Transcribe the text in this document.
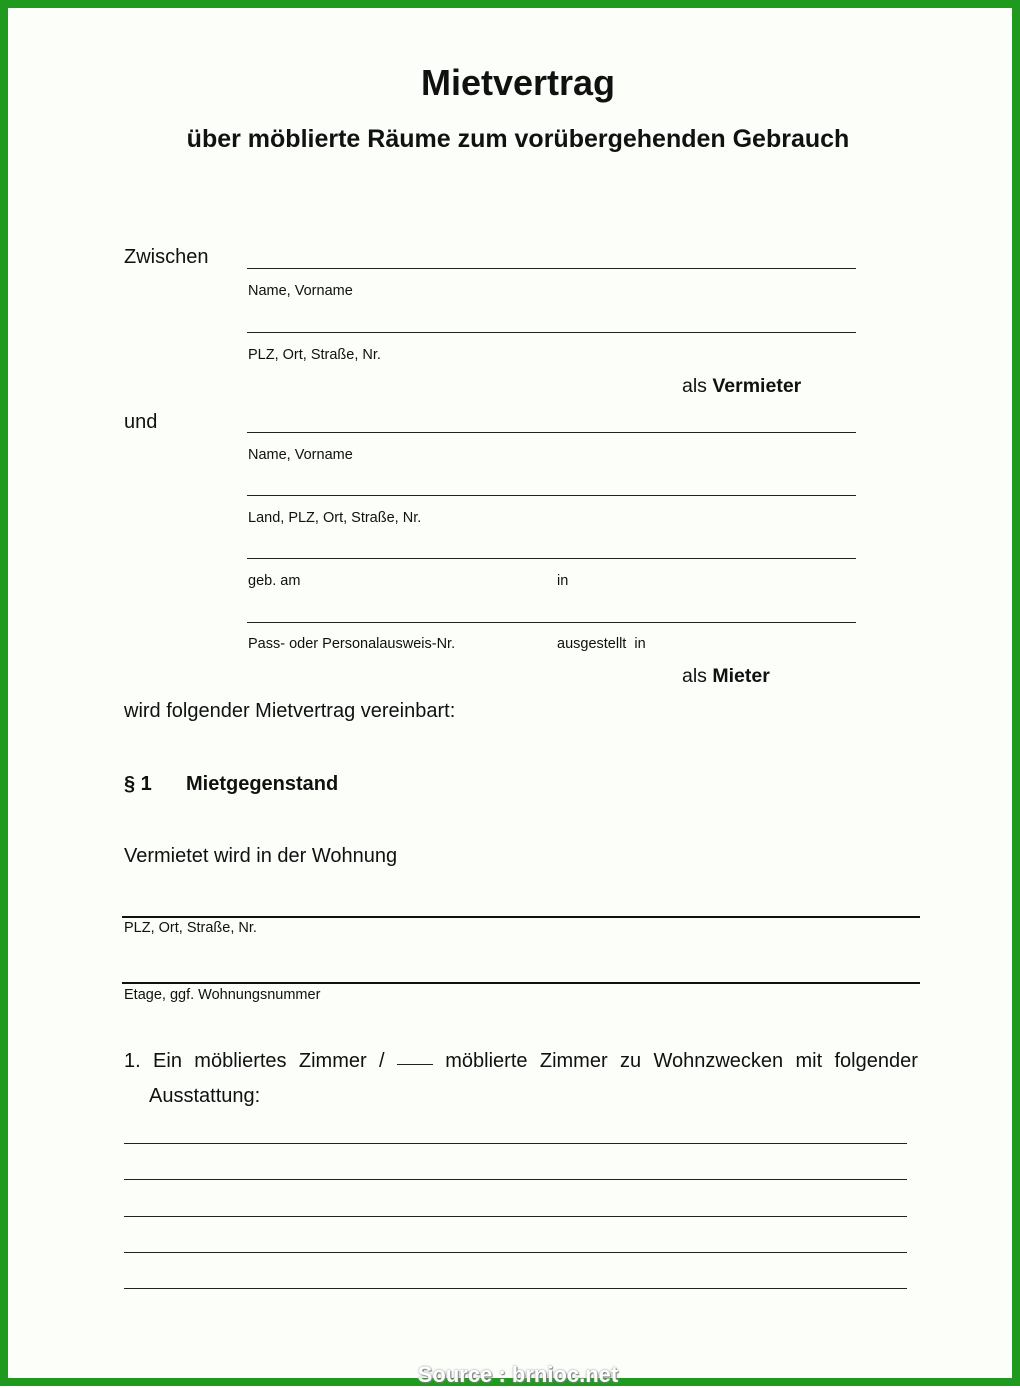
Mietvertrag
über möblierte Räume zum vorübergehenden Gebrauch
Zwischen
Name, Vorname
PLZ, Ort, Straße, Nr.
als Vermieter
und
Name, Vorname
Land, PLZ, Ort, Straße, Nr.
geb. am	in
Pass- oder Personalausweis-Nr.	ausgestellt  in
als Mieter
wird folgender Mietvertrag vereinbart:
§ 1 Mietgegenstand
Vermietet wird in der Wohnung
PLZ, Ort, Straße, Nr.
Etage, ggf. Wohnungsnummer
1. Ein möbliertes Zimmer /	möblierte Zimmer zu Wohnzwecken mit folgender
Ausstattung:
Source : brnioc.net
